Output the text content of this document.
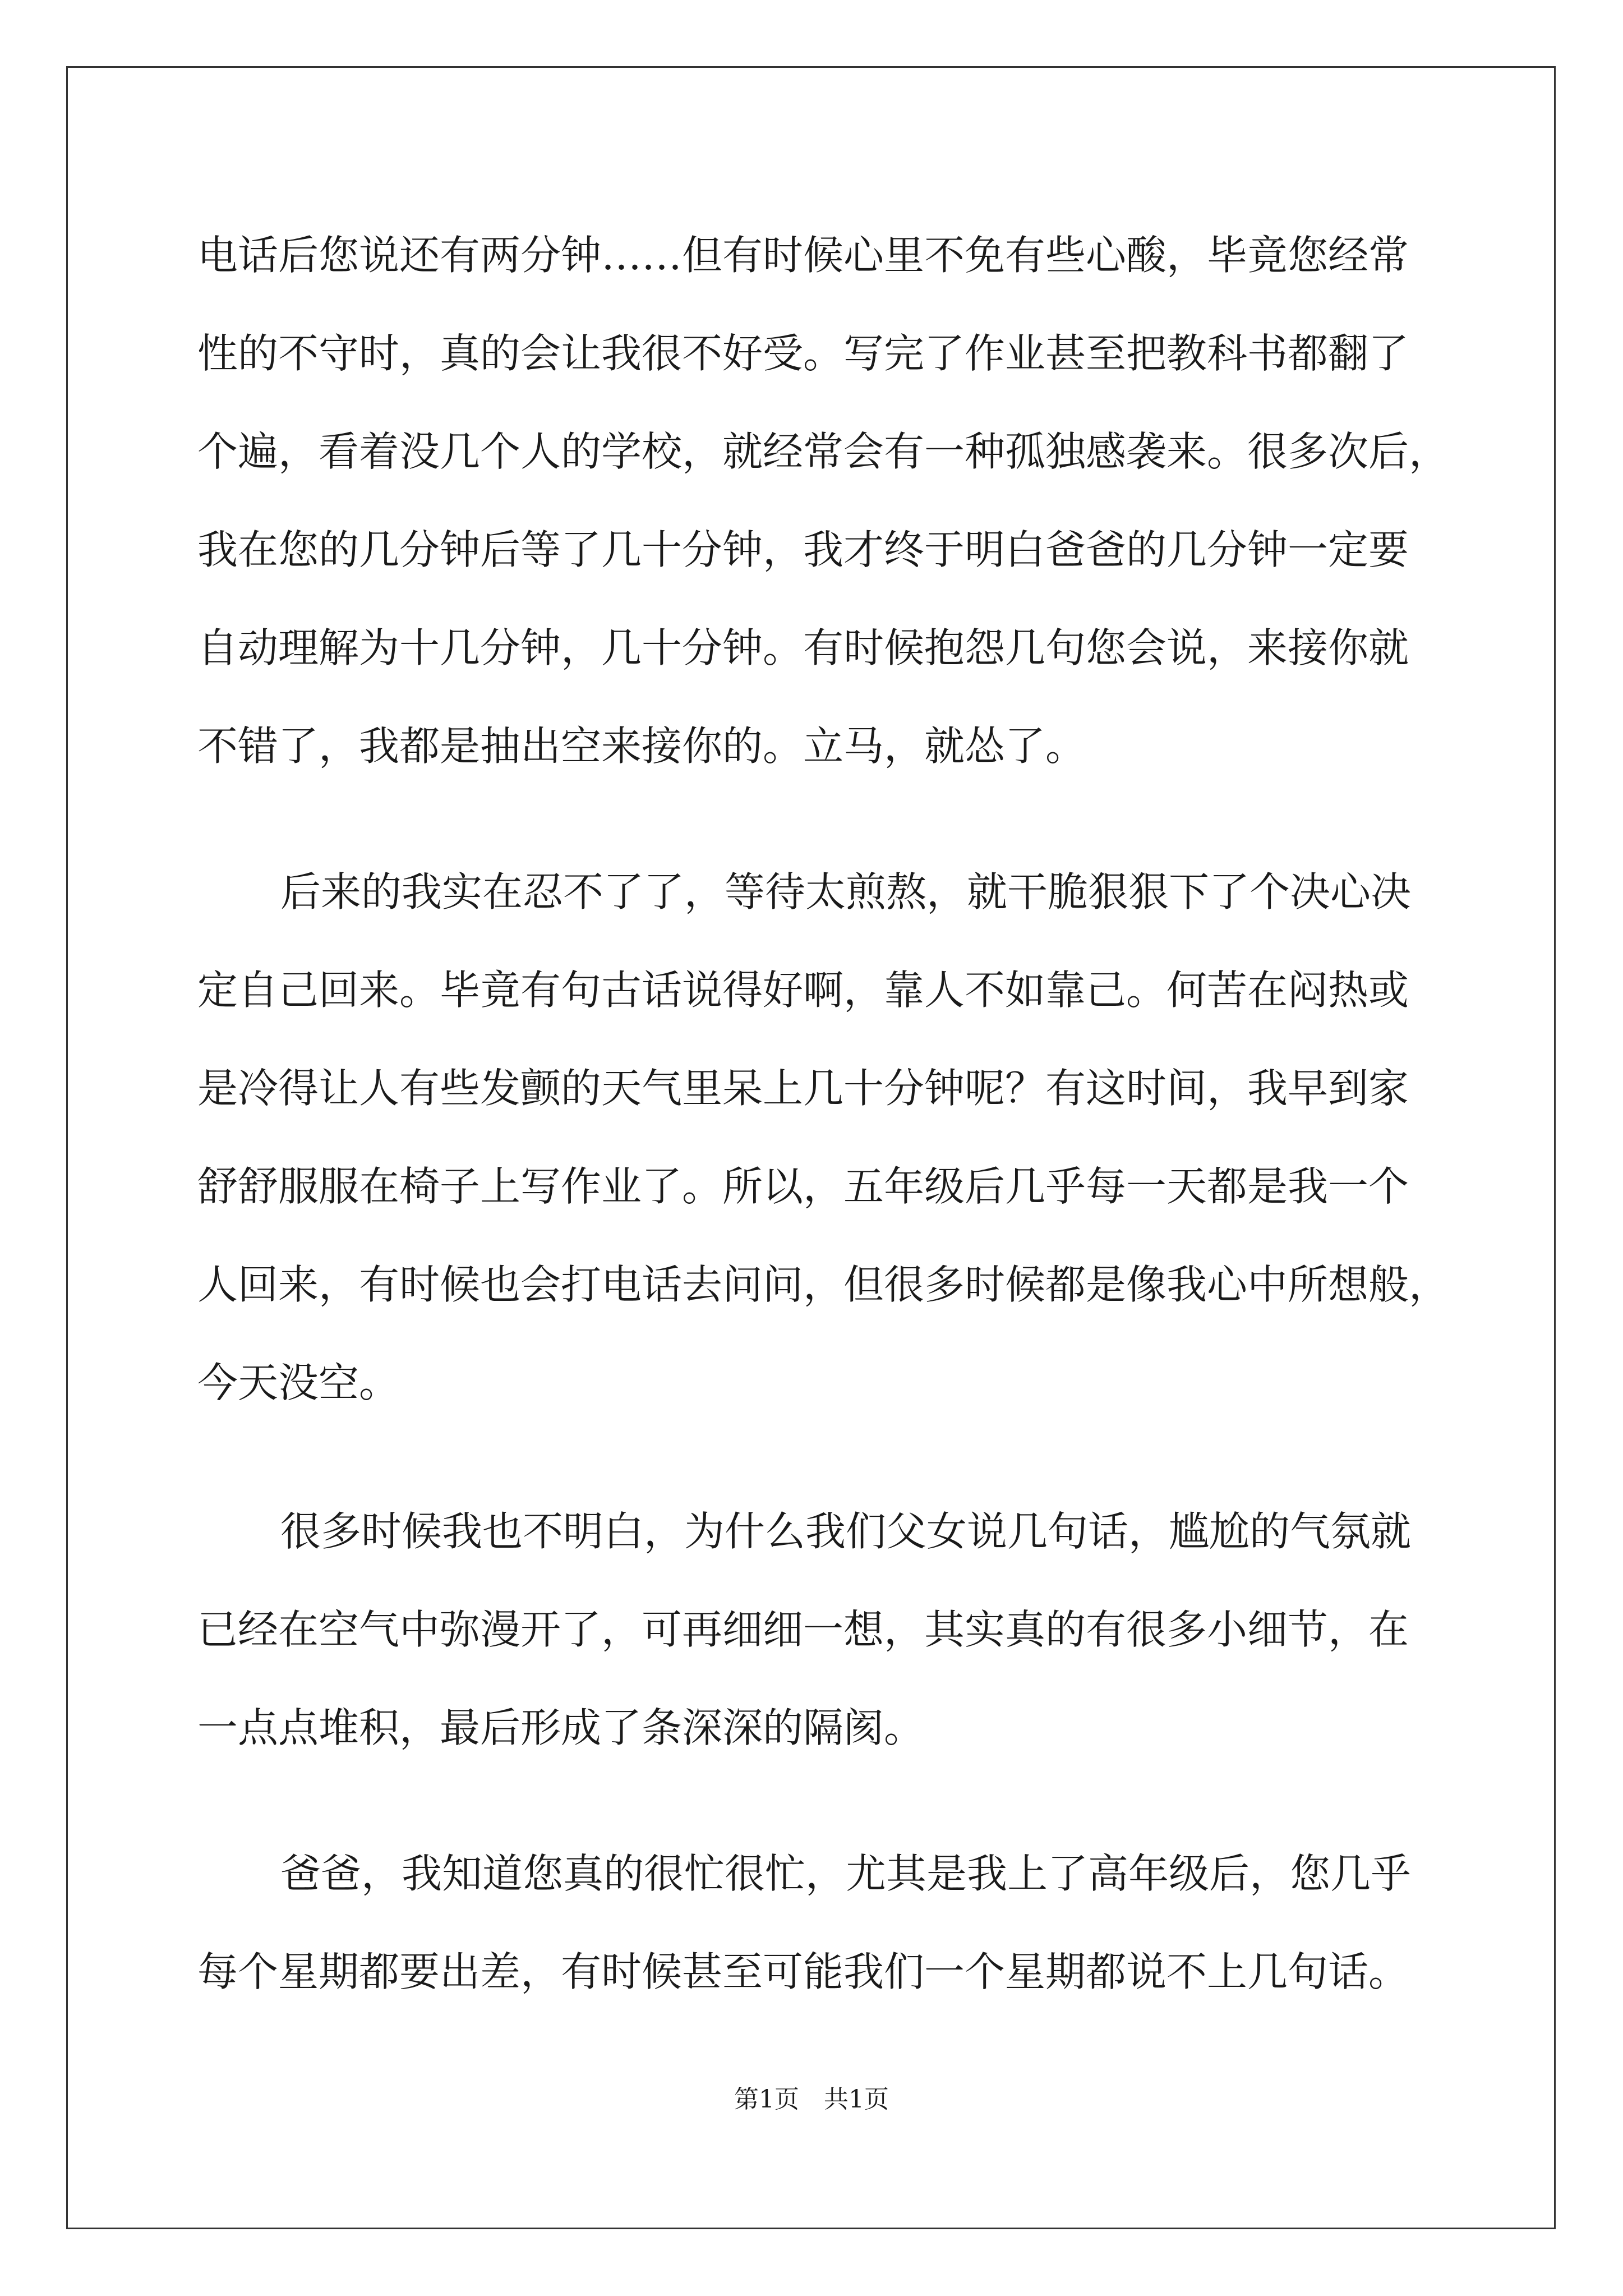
电话后您说还有两分钟……但有时候心里不免有些心酸，毕竟您经常
性的不守时，真的会让我很不好受。写完了作业甚至把教科书都翻了
个遍，看着没几个人的学校，就经常会有一种孤独感袭来。很多次后，
我在您的几分钟后等了几十分钟，我才终于明白爸爸的几分钟一定要
自动理解为十几分钟，几十分钟。有时候抱怨几句您会说，来接你就
不错了，我都是抽出空来接你的。立马，就怂了。
后来的我实在忍不了了，等待太煎熬，就干脆狠狠下了个决心决
定自己回来。毕竟有句古话说得好啊，靠人不如靠己。何苦在闷热或
是冷得让人有些发颤的天气里呆上几十分钟呢？有这时间，我早到家
舒舒服服在椅子上写作业了。所以，五年级后几乎每一天都是我一个
人回来，有时候也会打电话去问问，但很多时候都是像我心中所想般，
今天没空。
很多时候我也不明白，为什么我们父女说几句话，尴尬的气氛就
已经在空气中弥漫开了，可再细细一想，其实真的有很多小细节，在
一点点堆积，最后形成了条深深的隔阂。
爸爸，我知道您真的很忙很忙，尤其是我上了高年级后，您几乎
每个星期都要出差，有时候甚至可能我们一个星期都说不上几句话。
第1页 共1页
